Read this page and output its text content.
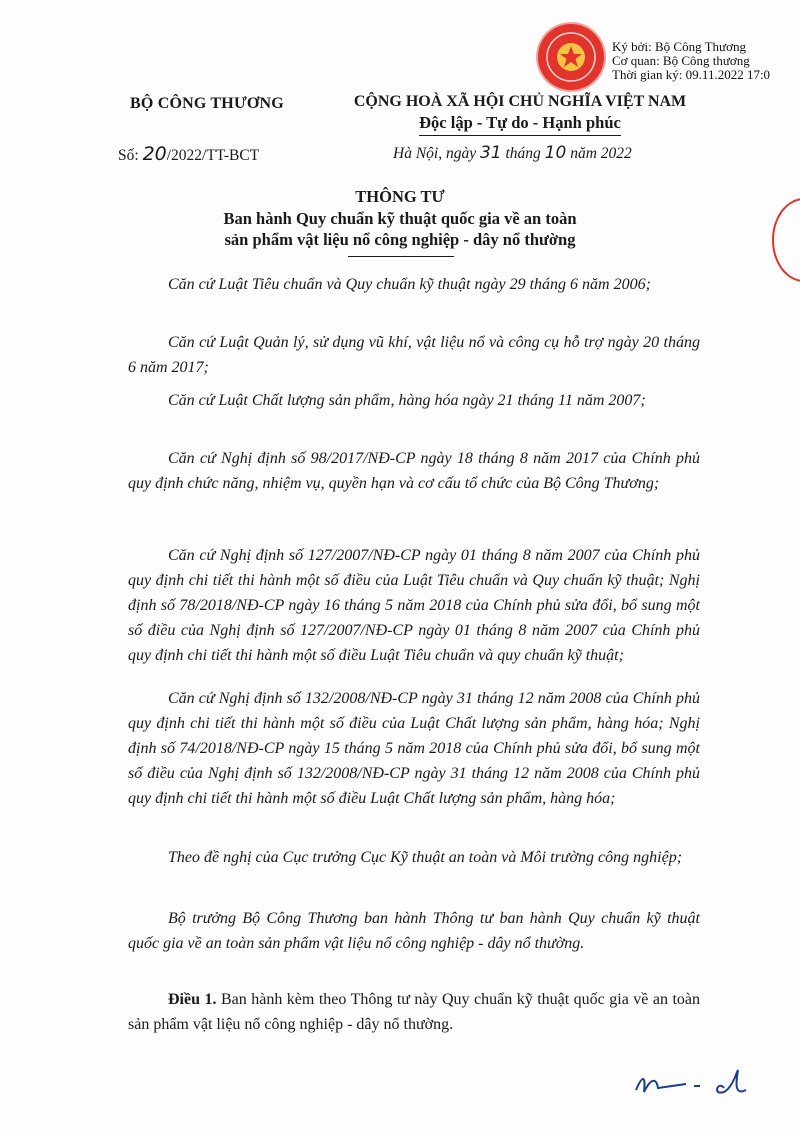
Ký bởi: Bộ Công Thương
Cơ quan: Bộ Công thương
Thời gian ký: 09.11.2022 17:0
BỘ CÔNG THƯƠNG	CỘNG HOÀ XÃ HỘI CHỦ NGHĨA VIỆT NAM
Độc lập - Tự do - Hạnh phúc
Số: 20/2022/TT-BCT	Hà Nội, ngày 31 tháng 10 năm 2022
THÔNG TƯ
Ban hành Quy chuẩn kỹ thuật quốc gia về an toàn
sản phẩm vật liệu nổ công nghiệp - dây nổ thường
Căn cứ Luật Tiêu chuẩn và Quy chuẩn kỹ thuật ngày 29 tháng 6 năm 2006;
Căn cứ Luật Quản lý, sử dụng vũ khí, vật liệu nổ và công cụ hỗ trợ ngày 20 tháng 6 năm 2017;
Căn cứ Luật Chất lượng sản phẩm, hàng hóa ngày 21 tháng 11 năm 2007;
Căn cứ Nghị định số 98/2017/NĐ-CP ngày 18 tháng 8 năm 2017 của Chính phủ quy định chức năng, nhiệm vụ, quyền hạn và cơ cấu tổ chức của Bộ Công Thương;
Căn cứ Nghị định số 127/2007/NĐ-CP ngày 01 tháng 8 năm 2007 của Chính phủ quy định chi tiết thi hành một số điều của Luật Tiêu chuẩn và Quy chuẩn kỹ thuật; Nghị định số 78/2018/NĐ-CP ngày 16 tháng 5 năm 2018 của Chính phủ sửa đổi, bổ sung một số điều của Nghị định số 127/2007/NĐ-CP ngày 01 tháng 8 năm 2007 của Chính phủ quy định chi tiết thi hành một số điều Luật Tiêu chuẩn và quy chuẩn kỹ thuật;
Căn cứ Nghị định số 132/2008/NĐ-CP ngày 31 tháng 12 năm 2008 của Chính phủ quy định chi tiết thi hành một số điều của Luật Chất lượng sản phẩm, hàng hóa; Nghị định số 74/2018/NĐ-CP ngày 15 tháng 5 năm 2018 của Chính phủ sửa đổi, bổ sung một số điều của Nghị định số 132/2008/NĐ-CP ngày 31 tháng 12 năm 2008 của Chính phủ quy định chi tiết thi hành một số điều Luật Chất lượng sản phẩm, hàng hóa;
Theo đề nghị của Cục trưởng Cục Kỹ thuật an toàn và Môi trường công nghiệp;
Bộ trưởng Bộ Công Thương ban hành Thông tư ban hành Quy chuẩn kỹ thuật quốc gia về an toàn sản phẩm vật liệu nổ công nghiệp - dây nổ thường.
Điều 1. Ban hành kèm theo Thông tư này Quy chuẩn kỹ thuật quốc gia về an toàn sản phẩm vật liệu nổ công nghiệp - dây nổ thường.
